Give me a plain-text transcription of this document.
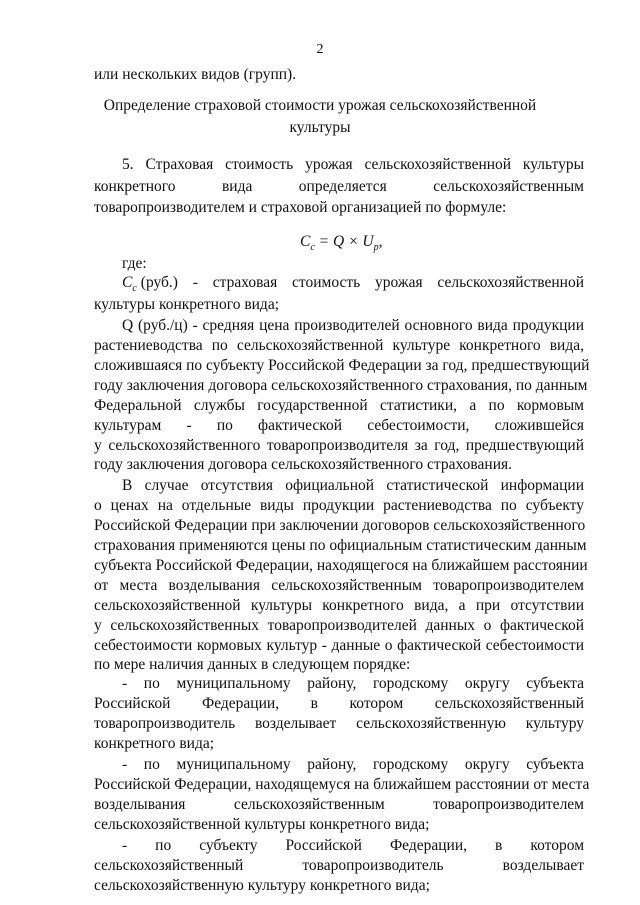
2
или нескольких видов (групп).
Определение страховой стоимости урожая сельскохозяйственной
культуры
5. Страховая стоимость урожая сельскохозяйственной культуры
конкретного вида определяется сельскохозяйственным
товаропроизводителем и страховой организацией по формуле:
$C_c = Q \times U_p$,
где:
$C_c$ (руб.) - страховая стоимость урожая сельскохозяйственной
культуры конкретного вида;
Q (руб./ц) - средняя цена производителей основного вида продукции
растениеводства по сельскохозяйственной культуре конкретного вида,
сложившаяся по субъекту Российской Федерации за год, предшествующий
году заключения договора сельскохозяйственного страхования, по данным
Федеральной службы государственной статистики, а по кормовым
культурам - по фактической себестоимости, сложившейся
у сельскохозяйственного товаропроизводителя за год, предшествующий
году заключения договора сельскохозяйственного страхования.
В случае отсутствия официальной статистической информации
о ценах на отдельные виды продукции растениеводства по субъекту
Российской Федерации при заключении договоров сельскохозяйственного
страхования применяются цены по официальным статистическим данным
субъекта Российской Федерации, находящегося на ближайшем расстоянии
от места возделывания сельскохозяйственным товаропроизводителем
сельскохозяйственной культуры конкретного вида, а при отсутствии
у сельскохозяйственных товаропроизводителей данных о фактической
себестоимости кормовых культур - данные о фактической себестоимости
по мере наличия данных в следующем порядке:
- по муниципальному району, городскому округу субъекта
Российской Федерации, в котором сельскохозяйственный
товаропроизводитель возделывает сельскохозяйственную культуру
конкретного вида;
- по муниципальному району, городскому округу субъекта
Российской Федерации, находящемуся на ближайшем расстоянии от места
возделывания сельскохозяйственным товаропроизводителем
сельскохозяйственной культуры конкретного вида;
- по субъекту Российской Федерации, в котором
сельскохозяйственный товаропроизводитель возделывает
сельскохозяйственную культуру конкретного вида;
